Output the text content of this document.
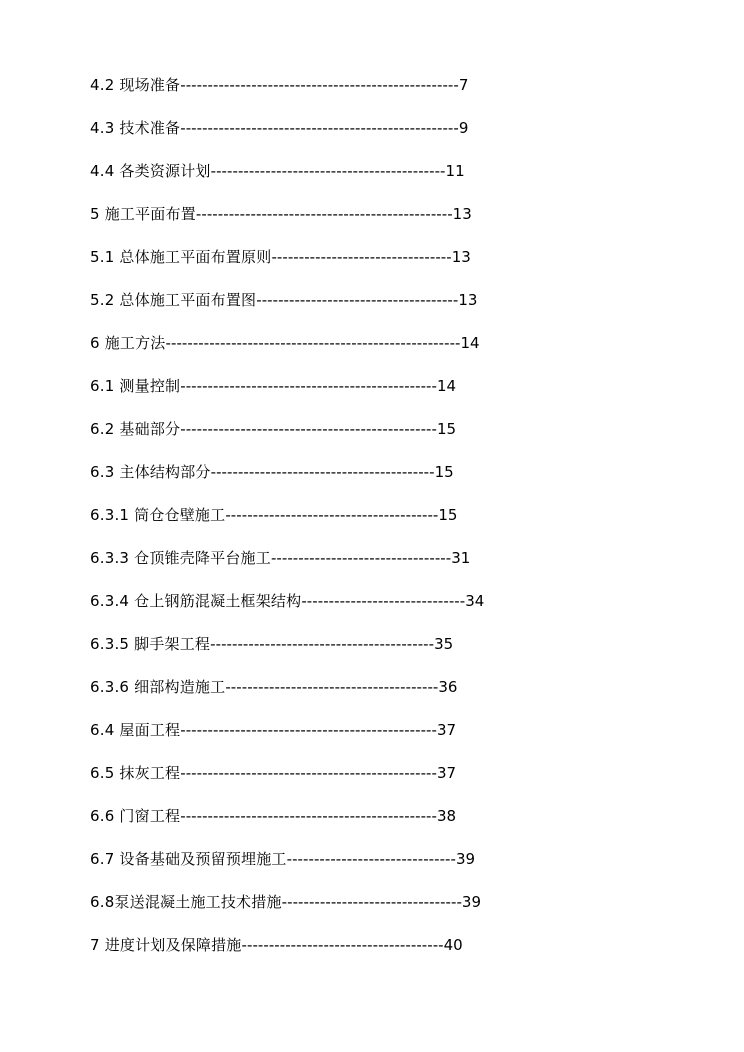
4.2 现场准备---------------------------------------------------7
4.3 技术准备---------------------------------------------------9
4.4 各类资源计划-------------------------------------------11
5 施工平面布置-----------------------------------------------13
5.1 总体施工平面布置原则---------------------------------13
5.2 总体施工平面布置图-------------------------------------13
6 施工方法------------------------------------------------------14
6.1 测量控制-----------------------------------------------14
6.2 基础部分-----------------------------------------------15
6.3 主体结构部分-----------------------------------------15
6.3.1 筒仓仓壁施工---------------------------------------15
6.3.3 仓顶锥壳降平台施工---------------------------------31
6.3.4 仓上钢筋混凝土框架结构------------------------------34
6.3.5 脚手架工程-----------------------------------------35
6.3.6 细部构造施工---------------------------------------36
6.4 屋面工程-----------------------------------------------37
6.5 抹灰工程-----------------------------------------------37
6.6 门窗工程-----------------------------------------------38
6.7 设备基础及预留预埋施工-------------------------------39
6.8泵送混凝土施工技术措施---------------------------------39
7 进度计划及保障措施-------------------------------------40
